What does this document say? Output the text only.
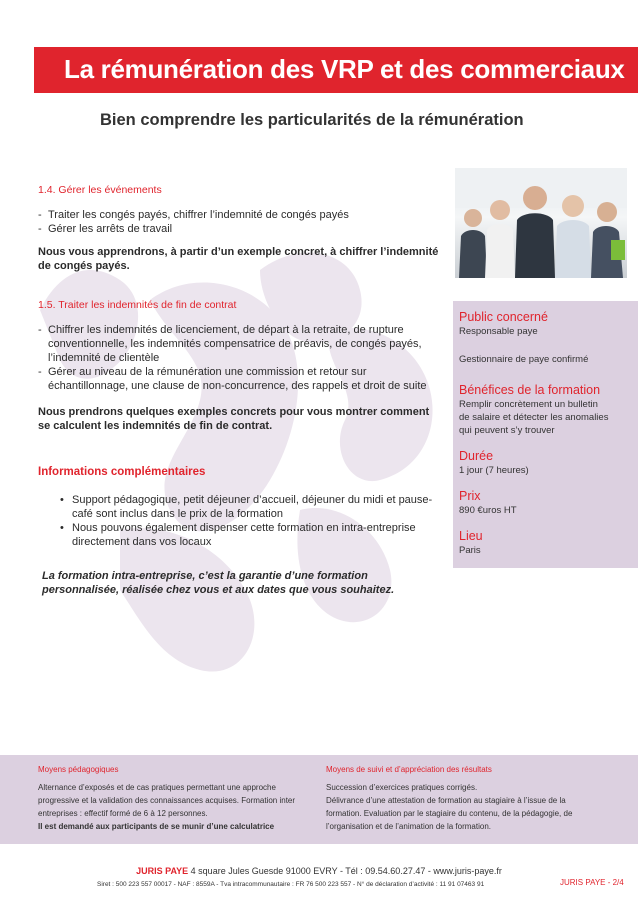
La rémunération des VRP et des commerciaux
Bien comprendre les particularités de la rémunération
1.4. Gérer les événements
- Traiter les congés payés, chiffrer l’indemnité de congés payés
- Gérer les arrêts de travail
Nous vous apprendrons, à partir d’un exemple concret, à chiffrer l’indemnité de congés payés.
1.5. Traiter les indemnités de fin de contrat
- Chiffrer les indemnités de licenciement, de départ à la retraite, de rupture conventionnelle, les indemnités compensatrice de préavis, de congés payés, l’indemnité de clientèle
- Gérer au niveau de la rémunération une commission et retour sur échantillonnage, une clause de non-concurrence, des rappels et droit de suite
Nous prendrons quelques exemples concrets pour vous montrer comment se calculent les indemnités de fin de contrat.
Informations complémentaires
• Support pédagogique, petit déjeuner d’accueil, déjeuner du midi et pause-café sont inclus dans le prix de la formation
• Nous pouvons également dispenser cette formation en intra-entreprise directement dans vos locaux
La formation intra-entreprise, c’est la garantie d’une formation personnalisée, réalisée chez vous et aux dates que vous souhaitez.
Public concerné
Responsable paye
Gestionnaire de paye confirmé
Bénéfices de la formation
Remplir concrètement un bulletin de salaire et détecter les anomalies qui peuvent s’y trouver
Durée
1 jour (7 heures)
Prix
890 €uros HT
Lieu
Paris
Moyens pédagogiques
Alternance d’exposés et de cas pratiques permettant une approche progressive et la validation des connaissances acquises. Formation inter entreprises : effectif formé de 6 à 12 personnes.
Il est demandé aux participants de se munir d’une calculatrice
Moyens de suivi et d’appréciation des résultats
Succession d’exercices pratiques corrigés.
Délivrance d’une attestation de formation au stagiaire à l’issue de la formation. Evaluation par le stagiaire du contenu, de la pédagogie, de l’organisation et de l’animation de la formation.
JURIS PAYE 4 square Jules Guesde 91000 EVRY - Tél : 09.54.60.27.47 - www.juris-paye.fr
Siret : 500 223 557 00017 - NAF : 8559A - Tva intracommunautaire : FR 76 500 223 557 - N° de déclaration d’activité : 11 91 07463 91	JURIS PAYE - 2/4
